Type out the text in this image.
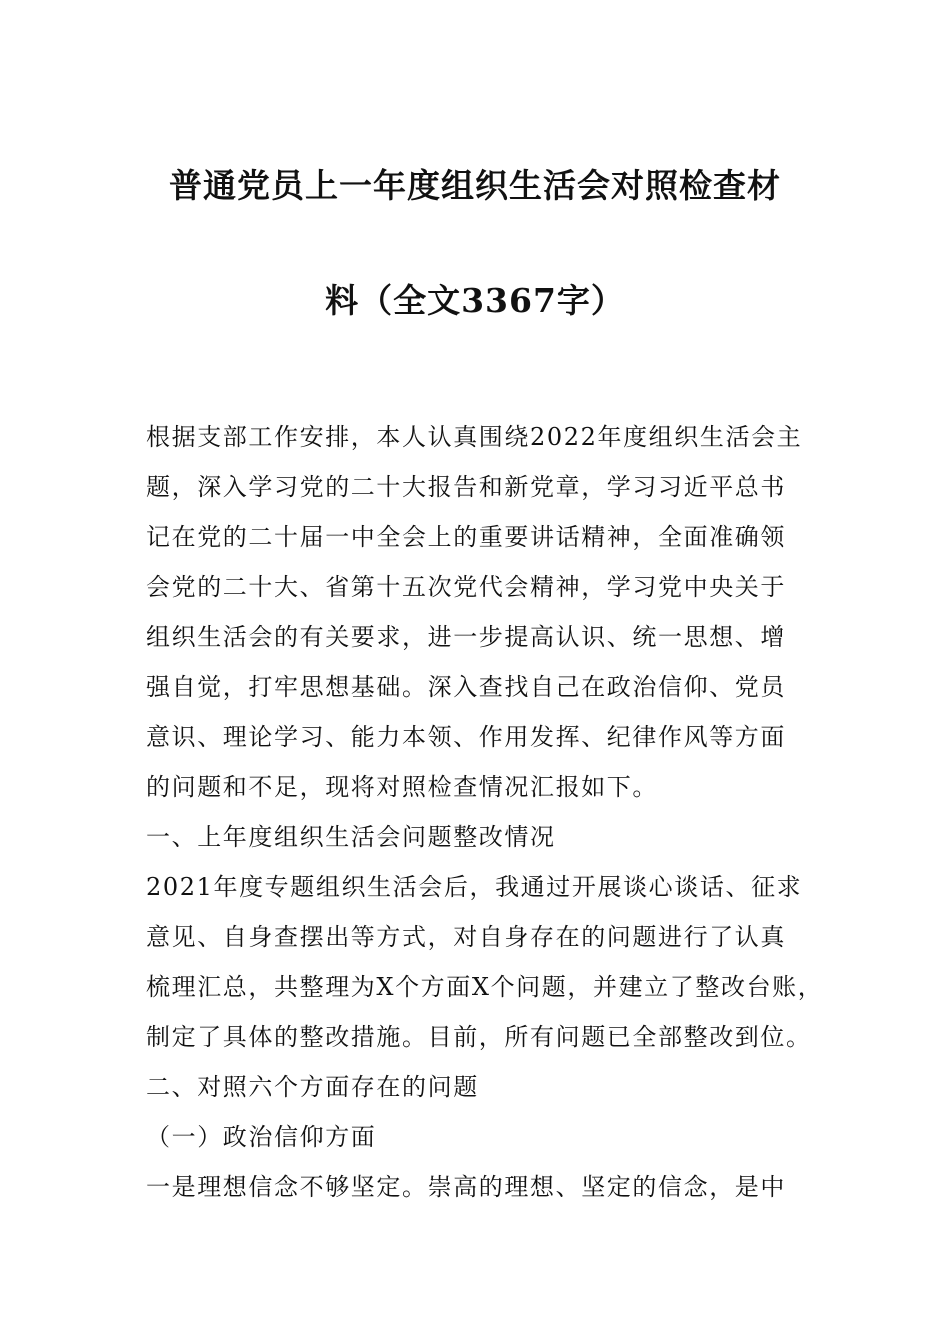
普通党员上一年度组织生活会对照检查材
料（全文3367字）
根据支部工作安排，本人认真围绕2022年度组织生活会主
题，深入学习党的二十大报告和新党章，学习习近平总书
记在党的二十届一中全会上的重要讲话精神，全面准确领
会党的二十大、省第十五次党代会精神，学习党中央关于
组织生活会的有关要求，进一步提高认识、统一思想、增
强自觉，打牢思想基础。深入查找自己在政治信仰、党员
意识、理论学习、能力本领、作用发挥、纪律作风等方面
的问题和不足，现将对照检查情况汇报如下。
一、上年度组织生活会问题整改情况
2021年度专题组织生活会后，我通过开展谈心谈话、征求
意见、自身查摆出等方式，对自身存在的问题进行了认真
梳理汇总，共整理为X个方面X个问题，并建立了整改台账，
制定了具体的整改措施。目前，所有问题已全部整改到位。
二、对照六个方面存在的问题
（一）政治信仰方面
一是理想信念不够坚定。崇高的理想、坚定的信念，是中
